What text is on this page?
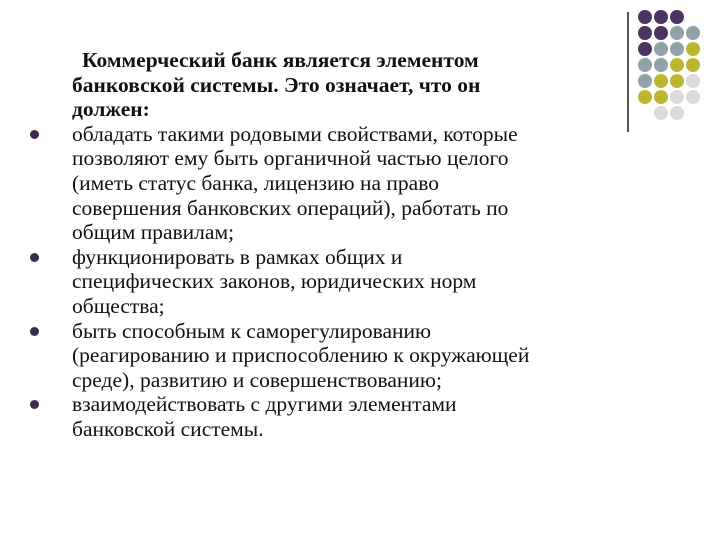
Коммерческий банк является элементом
банковской системы. Это означает, что он
должен:

обладать такими родовыми свойствами, которые
позволяют ему быть органичной частью целого
(иметь статус банка, лицензию на право
совершения банковских операций), работать по
общим правилам;
функционировать в рамках общих и
специфических законов, юридических норм
общества;
быть способным к саморегулированию
(реагированию и приспособлению к окружающей
среде), развитию и совершенствованию;
взаимодействовать с другими элементами
банковской системы.
